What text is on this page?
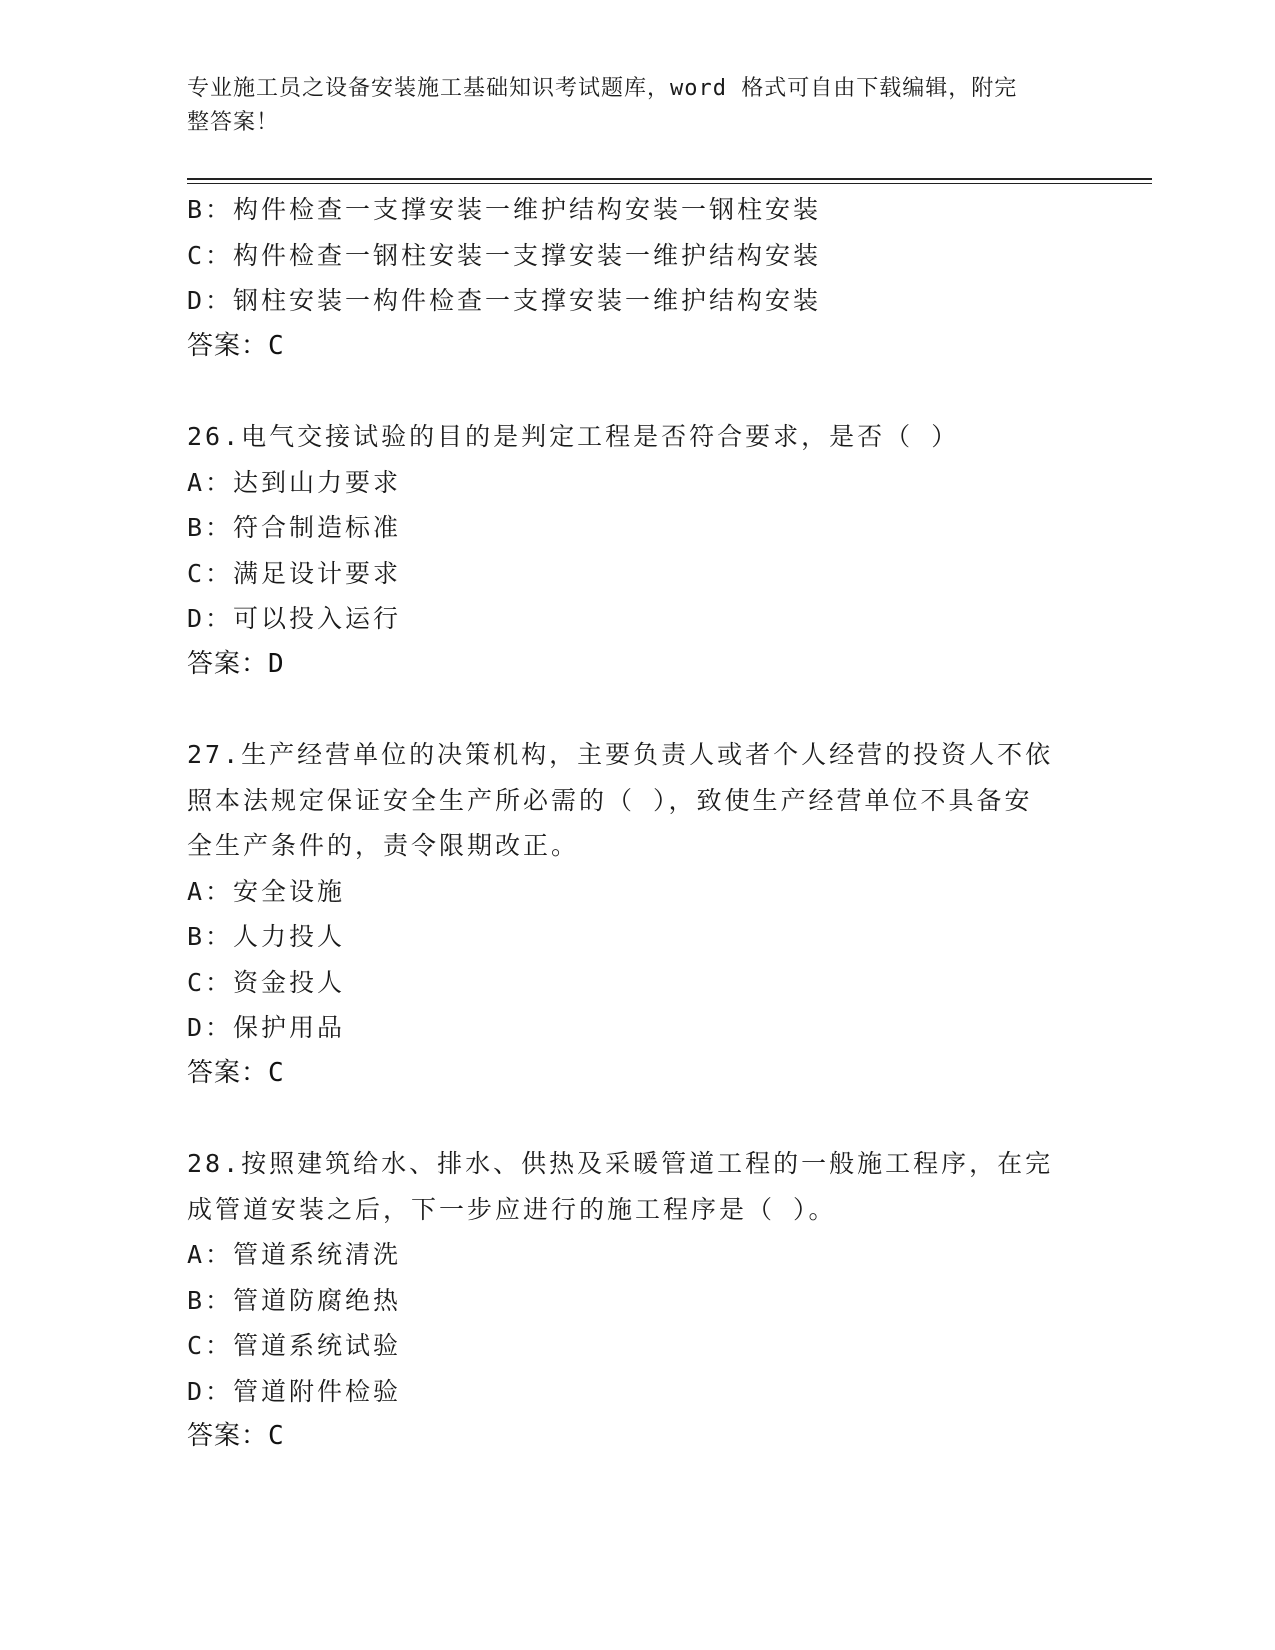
专业施工员之设备安装施工基础知识考试题库，word 格式可自由下载编辑，附完
整答案！
B：构件检查一支撑安装一维护结构安装一钢柱安装
C：构件检查一钢柱安装一支撑安装一维护结构安装
D：钢柱安装一构件检查一支撑安装一维护结构安装
答案：C
26.电气交接试验的目的是判定工程是否符合要求，是否（ ）
A：达到山力要求
B：符合制造标准
C：满足设计要求
D：可以投入运行
答案：D
27.生产经营单位的决策机构，主要负责人或者个人经营的投资人不依
照本法规定保证安全生产所必需的（ ），致使生产经营单位不具备安
全生产条件的，责令限期改正。
A：安全设施
B：人力投人
C：资金投人
D：保护用品
答案：C
28.按照建筑给水、排水、供热及采暖管道工程的一般施工程序，在完
成管道安装之后，下一步应进行的施工程序是（ ）。
A：管道系统清洗
B：管道防腐绝热
C：管道系统试验
D：管道附件检验
答案：C
